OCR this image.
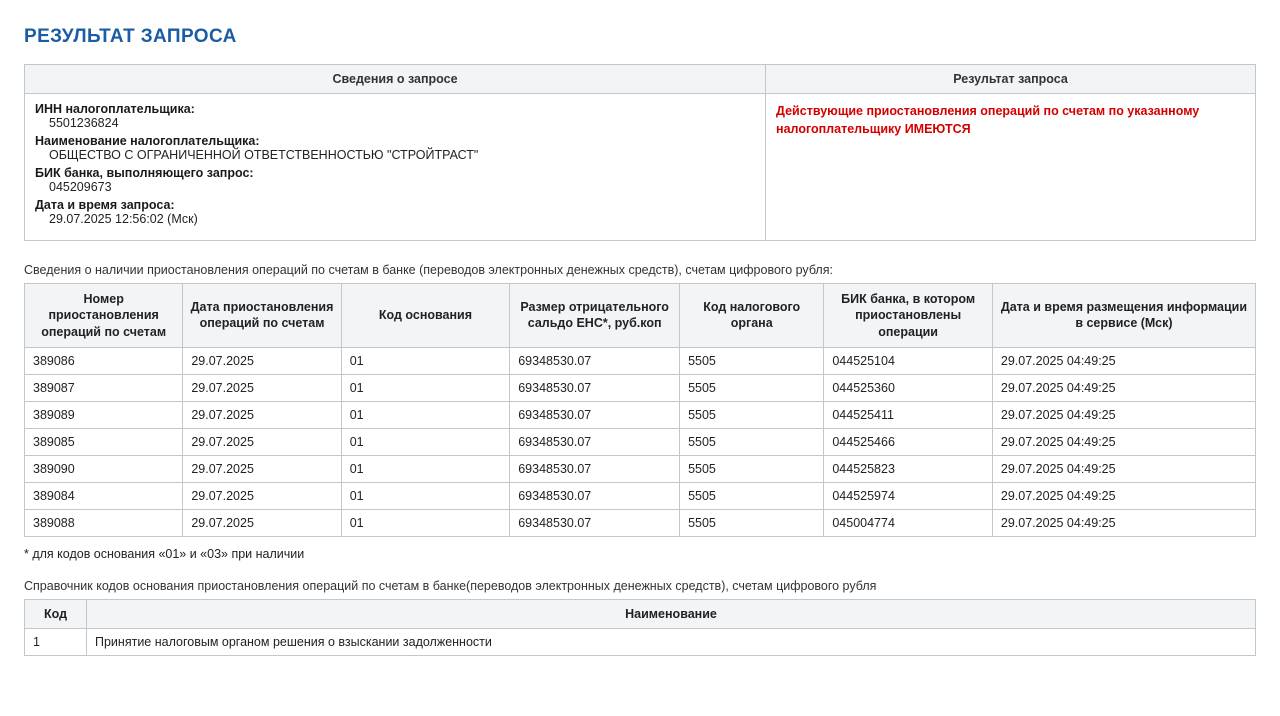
РЕЗУЛЬТАТ ЗАПРОСА
Сведения о запросе	Результат запроса

ИНН налогоплательщика:
5501236824
Наименование налогоплательщика:
ОБЩЕСТВО С ОГРАНИЧЕННОЙ ОТВЕТСТВЕННОСТЬЮ "СТРОЙТРАСТ"
БИК банка, выполняющего запрос:
045209673
Дата и время запроса:
29.07.2025 12:56:02 (Мск)

Действующие приостановления операций по счетам по указанному налогоплательщику ИМЕЮТСЯ

Сведения о наличии приостановления операций по счетам в банке (переводов электронных денежных средств), счетам цифрового рубля:

Номер приостановления операций по счетам	Дата приостановления операций по счетам	Код основания	Размер отрицательного сальдо ЕНС*, руб.коп	Код налогового органа	БИК банка, в котором приостановлены операции	Дата и время размещения информации в сервисе (Мск)
389086	29.07.2025	01	69348530.07	5505	044525104	29.07.2025 04:49:25
389087	29.07.2025	01	69348530.07	5505	044525360	29.07.2025 04:49:25
389089	29.07.2025	01	69348530.07	5505	044525411	29.07.2025 04:49:25
389085	29.07.2025	01	69348530.07	5505	044525466	29.07.2025 04:49:25
389090	29.07.2025	01	69348530.07	5505	044525823	29.07.2025 04:49:25
389084	29.07.2025	01	69348530.07	5505	044525974	29.07.2025 04:49:25
389088	29.07.2025	01	69348530.07	5505	045004774	29.07.2025 04:49:25

* для кодов основания «01» и «03» при наличии

Справочник кодов основания приостановления операций по счетам в банке(переводов электронных денежных средств), счетам цифрового рубля

Код	Наименование
1	Принятие налоговым органом решения о взыскании задолженности
